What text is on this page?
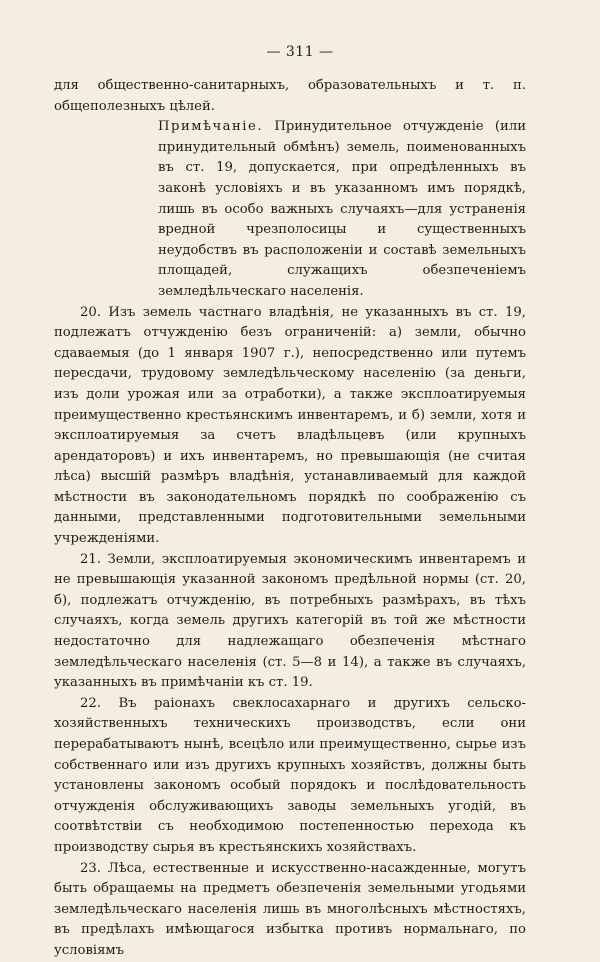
— 311 —

для общественно-санитарныхъ, образовательныхъ и т. п. общеполезныхъ цѣлей.

Примѣчаніе. Принудительное отчужденіе (или принудительный обмѣнъ) земель, поименованныхъ въ ст. 19, допускается, при опредѣленныхъ въ законѣ условіяхъ и въ указанномъ имъ порядкѣ, лишь въ особо важныхъ случаяхъ—для устраненія вредной чрезполосицы и существенныхъ неудобствъ въ расположеніи и составѣ земельныхъ площадей, служащихъ обезпеченіемъ земледѣльческаго населенія.

20. Изъ земель частнаго владѣнія, не указанныхъ въ ст. 19, подлежатъ отчужденію безъ ограниченій: а) земли, обычно сдаваемыя (до 1 января 1907 г.), непосредственно или путемъ пересдачи, трудовому земледѣльческому населенію (за деньги, изъ доли урожая или за отработки), а также эксплоатируемыя преимущественно крестьянскимъ инвентаремъ, и б) земли, хотя и эксплоатируемыя за счетъ владѣльцевъ (или крупныхъ арендаторовъ) и ихъ инвентаремъ, но превышающія (не считая лѣса) высшій размѣръ владѣнія, устанавливаемый для каждой мѣстности въ законодательномъ порядкѣ по соображенію съ данными, представленными подготовительными земельными учрежденіями.

21. Земли, эксплоатируемыя экономическимъ инвентаремъ и не превышающія указанной закономъ предѣльной нормы (ст. 20, б), подлежатъ отчужденію, въ потребныхъ размѣрахъ, въ тѣхъ случаяхъ, когда земель другихъ категорій въ той же мѣстности недостаточно для надлежащаго обезпеченія мѣстнаго земледѣльческаго населенія (ст. 5—8 и 14), а также въ случаяхъ, указанныхъ въ примѣчаніи къ ст. 19.

22. Въ раіонахъ свеклосахарнаго и другихъ сельско-хозяйственныхъ техническихъ производствъ, если они перерабатываютъ нынѣ, всецѣло или преимущественно, сырье изъ собственнаго или изъ другихъ крупныхъ хозяйствъ, должны быть установлены закономъ особый порядокъ и послѣдовательность отчужденія обслуживающихъ заводы земельныхъ угодій, въ соотвѣтствіи съ необходимою постепенностью перехода къ производству сырья въ крестьянскихъ хозяйствахъ.

23. Лѣса, естественные и искусственно-насажденные, могутъ быть обращаемы на предметъ обезпеченія земельными угодьями земледѣльческаго населенія лишь въ многолѣсныхъ мѣстностяхъ, въ предѣлахъ имѣющагося избытка противъ нормальнаго, по условіямъ
